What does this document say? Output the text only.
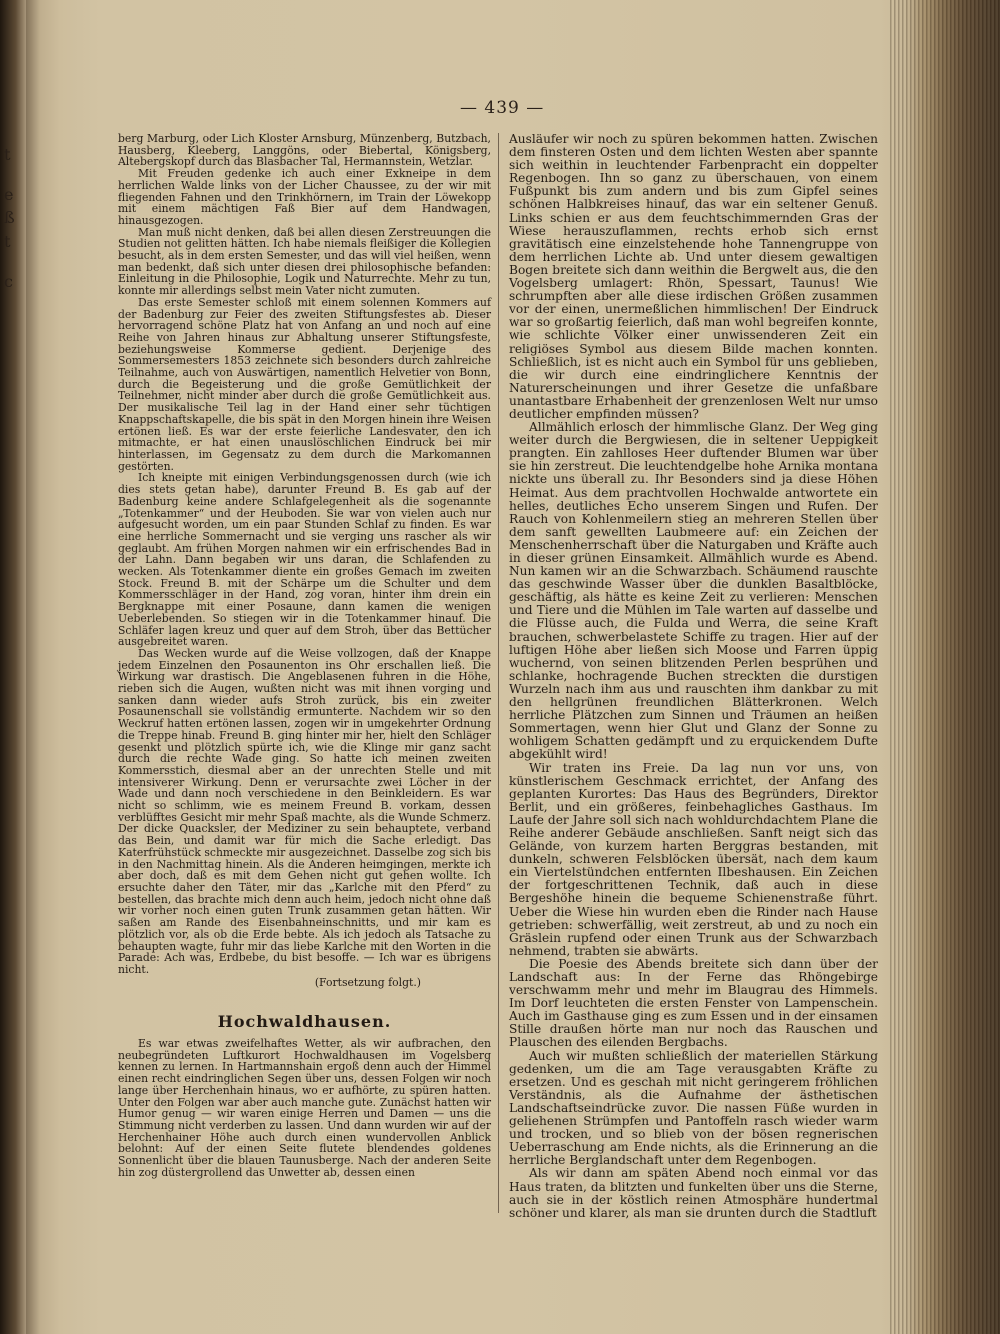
t
e
ß
t
c
— 439 —

berg Marburg, oder Lich Kloster Arnsburg, Münzenberg, Butzbach, Hausberg, Kleeberg, Langgöns, oder Biebertal, Königsberg, Altebergskopf durch das Blasbacher Tal, Hermannstein, Wetzlar.

Mit Freuden gedenke ich auch einer Exkneipe in dem herrlichen Walde links von der Licher Chaussee, zu der wir mit fliegenden Fahnen und den Trinkhörnern, im Train der Löwekopp mit einem mächtigen Faß Bier auf dem Handwagen, hinausgezogen.

Man muß nicht denken, daß bei allen diesen Zerstreuungen die Studien not gelitten hätten. Ich habe niemals fleißiger die Kollegien besucht, als in dem ersten Semester, und das will viel heißen, wenn man bedenkt, daß sich unter diesen drei philosophische befanden: Einleitung in die Philosophie, Logik und Naturrechte. Mehr zu tun, konnte mir allerdings selbst mein Vater nicht zumuten.

Das erste Semester schloß mit einem solennen Kommers auf der Badenburg zur Feier des zweiten Stiftungsfestes ab. Dieser hervorragend schöne Platz hat von Anfang an und noch auf eine Reihe von Jahren hinaus zur Abhaltung unserer Stiftungsfeste, beziehungsweise Kommerse gedient. Derjenige des Sommersemesters 1853 zeichnete sich besonders durch zahlreiche Teilnahme, auch von Auswärtigen, namentlich Helvetier von Bonn, durch die Begeisterung und die große Gemütlichkeit der Teilnehmer, nicht minder aber durch die große Gemütlichkeit aus. Der musikalische Teil lag in der Hand einer sehr tüchtigen Knappschaftskapelle, die bis spät in den Morgen hinein ihre Weisen ertönen ließ. Es war der erste feierliche Landesvater, den ich mitmachte, er hat einen unauslöschlichen Eindruck bei mir hinterlassen, im Gegensatz zu dem durch die Markomannen gestörten.

Ich kneipte mit einigen Verbindungsgenossen durch (wie ich dies stets getan habe), darunter Freund B. Es gab auf der Badenburg keine andere Schlafgelegenheit als die sogenannte „Totenkammer“ und der Heuboden. Sie war von vielen auch nur aufgesucht worden, um ein paar Stunden Schlaf zu finden. Es war eine herrliche Sommernacht und sie verging uns rascher als wir geglaubt. Am frühen Morgen nahmen wir ein erfrischendes Bad in der Lahn. Dann begaben wir uns daran, die Schlafenden zu wecken. Als Totenkammer diente ein großes Gemach im zweiten Stock. Freund B. mit der Schärpe um die Schulter und dem Kommersschläger in der Hand, zog voran, hinter ihm drein ein Bergknappe mit einer Posaune, dann kamen die wenigen Ueberlebenden. So stiegen wir in die Totenkammer hinauf. Die Schläfer lagen kreuz und quer auf dem Stroh, über das Bettücher ausgebreitet waren.

Das Wecken wurde auf die Weise vollzogen, daß der Knappe jedem Einzelnen den Posaunenton ins Ohr erschallen ließ. Die Wirkung war drastisch. Die Angeblasenen fuhren in die Höhe, rieben sich die Augen, wußten nicht was mit ihnen vorging und sanken dann wieder aufs Stroh zurück, bis ein zweiter Posaunenschall sie vollständig ermunterte. Nachdem wir so den Weckruf hatten ertönen lassen, zogen wir in umgekehrter Ordnung die Treppe hinab. Freund B. ging hinter mir her, hielt den Schläger gesenkt und plötzlich spürte ich, wie die Klinge mir ganz sacht durch die rechte Wade ging. So hatte ich meinen zweiten Kommersstich, diesmal aber an der unrechten Stelle und mit intensiverer Wirkung. Denn er verursachte zwei Löcher in der Wade und dann noch verschiedene in den Beinkleidern. Es war nicht so schlimm, wie es meinem Freund B. vorkam, dessen verblüfftes Gesicht mir mehr Spaß machte, als die Wunde Schmerz. Der dicke Quacksler, der Mediziner zu sein behauptete, verband das Bein, und damit war für mich die Sache erledigt. Das Katerfrühstück schmeckte mir ausgezeichnet. Dasselbe zog sich bis in den Nachmittag hinein. Als die Anderen heimgingen, merkte ich aber doch, daß es mit dem Gehen nicht gut gehen wollte. Ich ersuchte daher den Täter, mir das „Karlche mit den Pferd“ zu bestellen, das brachte mich denn auch heim, jedoch nicht ohne daß wir vorher noch einen guten Trunk zusammen getan hätten. Wir saßen am Rande des Eisenbahneinschnitts, und mir kam es plötzlich vor, als ob die Erde bebte. Als ich jedoch als Tatsache zu behaupten wagte, fuhr mir das liebe Karlche mit den Worten in die Parade: Ach was, Erdbebe, du bist besoffe. — Ich war es übrigens nicht.

(Fortsetzung folgt.)

Hochwaldhausen.

Es war etwas zweifelhaftes Wetter, als wir aufbrachen, den neubegründeten Luftkurort Hochwaldhausen im Vogelsberg kennen zu lernen. In Hartmannshain ergoß denn auch der Himmel einen recht eindringlichen Segen über uns, dessen Folgen wir noch lange über Herchenhain hinaus, wo er aufhörte, zu spüren hatten. Unter den Folgen war aber auch manche gute. Zunächst hatten wir Humor genug — wir waren einige Herren und Damen — uns die Stimmung nicht verderben zu lassen. Und dann wurden wir auf der Herchenhainer Höhe auch durch einen wundervollen Anblick belohnt: Auf der einen Seite flutete blendendes goldenes Sonnenlicht über die blauen Taunusberge. Nach der anderen Seite hin zog düstergrollend das Unwetter ab, dessen einen

Ausläufer wir noch zu spüren bekommen hatten. Zwischen dem finsteren Osten und dem lichten Westen aber spannte sich weithin in leuchtender Farbenpracht ein doppelter Regenbogen. Ihn so ganz zu überschauen, von einem Fußpunkt bis zum andern und bis zum Gipfel seines schönen Halbkreises hinauf, das war ein seltener Genuß. Links schien er aus dem feuchtschimmernden Gras der Wiese herauszuflammen, rechts erhob sich ernst gravitätisch eine einzelstehende hohe Tannengruppe von dem herrlichen Lichte ab. Und unter diesem gewaltigen Bogen breitete sich dann weithin die Bergwelt aus, die den Vogelsberg umlagert: Rhön, Spessart, Taunus! Wie schrumpften aber alle diese irdischen Größen zusammen vor der einen, unermeßlichen himmlischen! Der Eindruck war so großartig feierlich, daß man wohl begreifen konnte, wie schlichte Völker einer unwissenderen Zeit ein religiöses Symbol aus diesem Bilde machen konnten. Schließlich, ist es nicht auch ein Symbol für uns geblieben, die wir durch eine eindringlichere Kenntnis der Naturerscheinungen und ihrer Gesetze die unfaßbare unantastbare Erhabenheit der grenzenlosen Welt nur umso deutlicher empfinden müssen?

Allmählich erlosch der himmlische Glanz. Der Weg ging weiter durch die Bergwiesen, die in seltener Ueppigkeit prangten. Ein zahlloses Heer duftender Blumen war über sie hin zerstreut. Die leuchtendgelbe hohe Arnika montana nickte uns überall zu. Ihr Besonders sind ja diese Höhen Heimat. Aus dem prachtvollen Hochwalde antwortete ein helles, deutliches Echo unserem Singen und Rufen. Der Rauch von Kohlenmeilern stieg an mehreren Stellen über dem sanft gewellten Laubmeere auf: ein Zeichen der Menschenherrschaft über die Naturgaben und Kräfte auch in dieser grünen Einsamkeit. Allmählich wurde es Abend. Nun kamen wir an die Schwarzbach. Schäumend rauschte das geschwinde Wasser über die dunklen Basaltblöcke, geschäftig, als hätte es keine Zeit zu verlieren: Menschen und Tiere und die Mühlen im Tale warten auf dasselbe und die Flüsse auch, die Fulda und Werra, die seine Kraft brauchen, schwerbelastete Schiffe zu tragen. Hier auf der luftigen Höhe aber ließen sich Moose und Farren üppig wuchernd, von seinen blitzenden Perlen besprühen und schlanke, hochragende Buchen streckten die durstigen Wurzeln nach ihm aus und rauschten ihm dankbar zu mit den hellgrünen freundlichen Blätterkronen. Welch herrliche Plätzchen zum Sinnen und Träumen an heißen Sommertagen, wenn hier Glut und Glanz der Sonne zu wohligem Schatten gedämpft und zu erquickendem Dufte abgekühlt wird!

Wir traten ins Freie. Da lag nun vor uns, von künstlerischem Geschmack errichtet, der Anfang des geplanten Kurortes: Das Haus des Begründers, Direktor Berlit, und ein größeres, feinbehagliches Gasthaus. Im Laufe der Jahre soll sich nach wohldurchdachtem Plane die Reihe anderer Gebäude anschließen. Sanft neigt sich das Gelände, von kurzem harten Berggras bestanden, mit dunkeln, schweren Felsblöcken übersät, nach dem kaum ein Viertelstündchen entfernten Ilbeshausen. Ein Zeichen der fortgeschrittenen Technik, daß auch in diese Bergeshöhe hinein die bequeme Schienenstraße führt. Ueber die Wiese hin wurden eben die Rinder nach Hause getrieben: schwerfällig, weit zerstreut, ab und zu noch ein Gräslein rupfend oder einen Trunk aus der Schwarzbach nehmend, trabten sie abwärts.

Die Poesie des Abends breitete sich dann über der Landschaft aus: In der Ferne das Rhöngebirge verschwamm mehr und mehr im Blaugrau des Himmels. Im Dorf leuchteten die ersten Fenster von Lampenschein. Auch im Gasthause ging es zum Essen und in der einsamen Stille draußen hörte man nur noch das Rauschen und Plauschen des eilenden Bergbachs.

Auch wir mußten schließlich der materiellen Stärkung gedenken, um die am Tage verausgabten Kräfte zu ersetzen. Und es geschah mit nicht geringerem fröhlichen Verständnis, als die Aufnahme der ästhetischen Landschaftseindrücke zuvor. Die nassen Füße wurden in geliehenen Strümpfen und Pantoffeln rasch wieder warm und trocken, und so blieb von der bösen regnerischen Ueberraschung am Ende nichts, als die Erinnerung an die herrliche Berglandschaft unter dem Regenbogen.

Als wir dann am späten Abend noch einmal vor das Haus traten, da blitzten und funkelten über uns die Sterne, auch sie in der köstlich reinen Atmosphäre hundertmal schöner und klarer, als man sie drunten durch die Stadtluft
